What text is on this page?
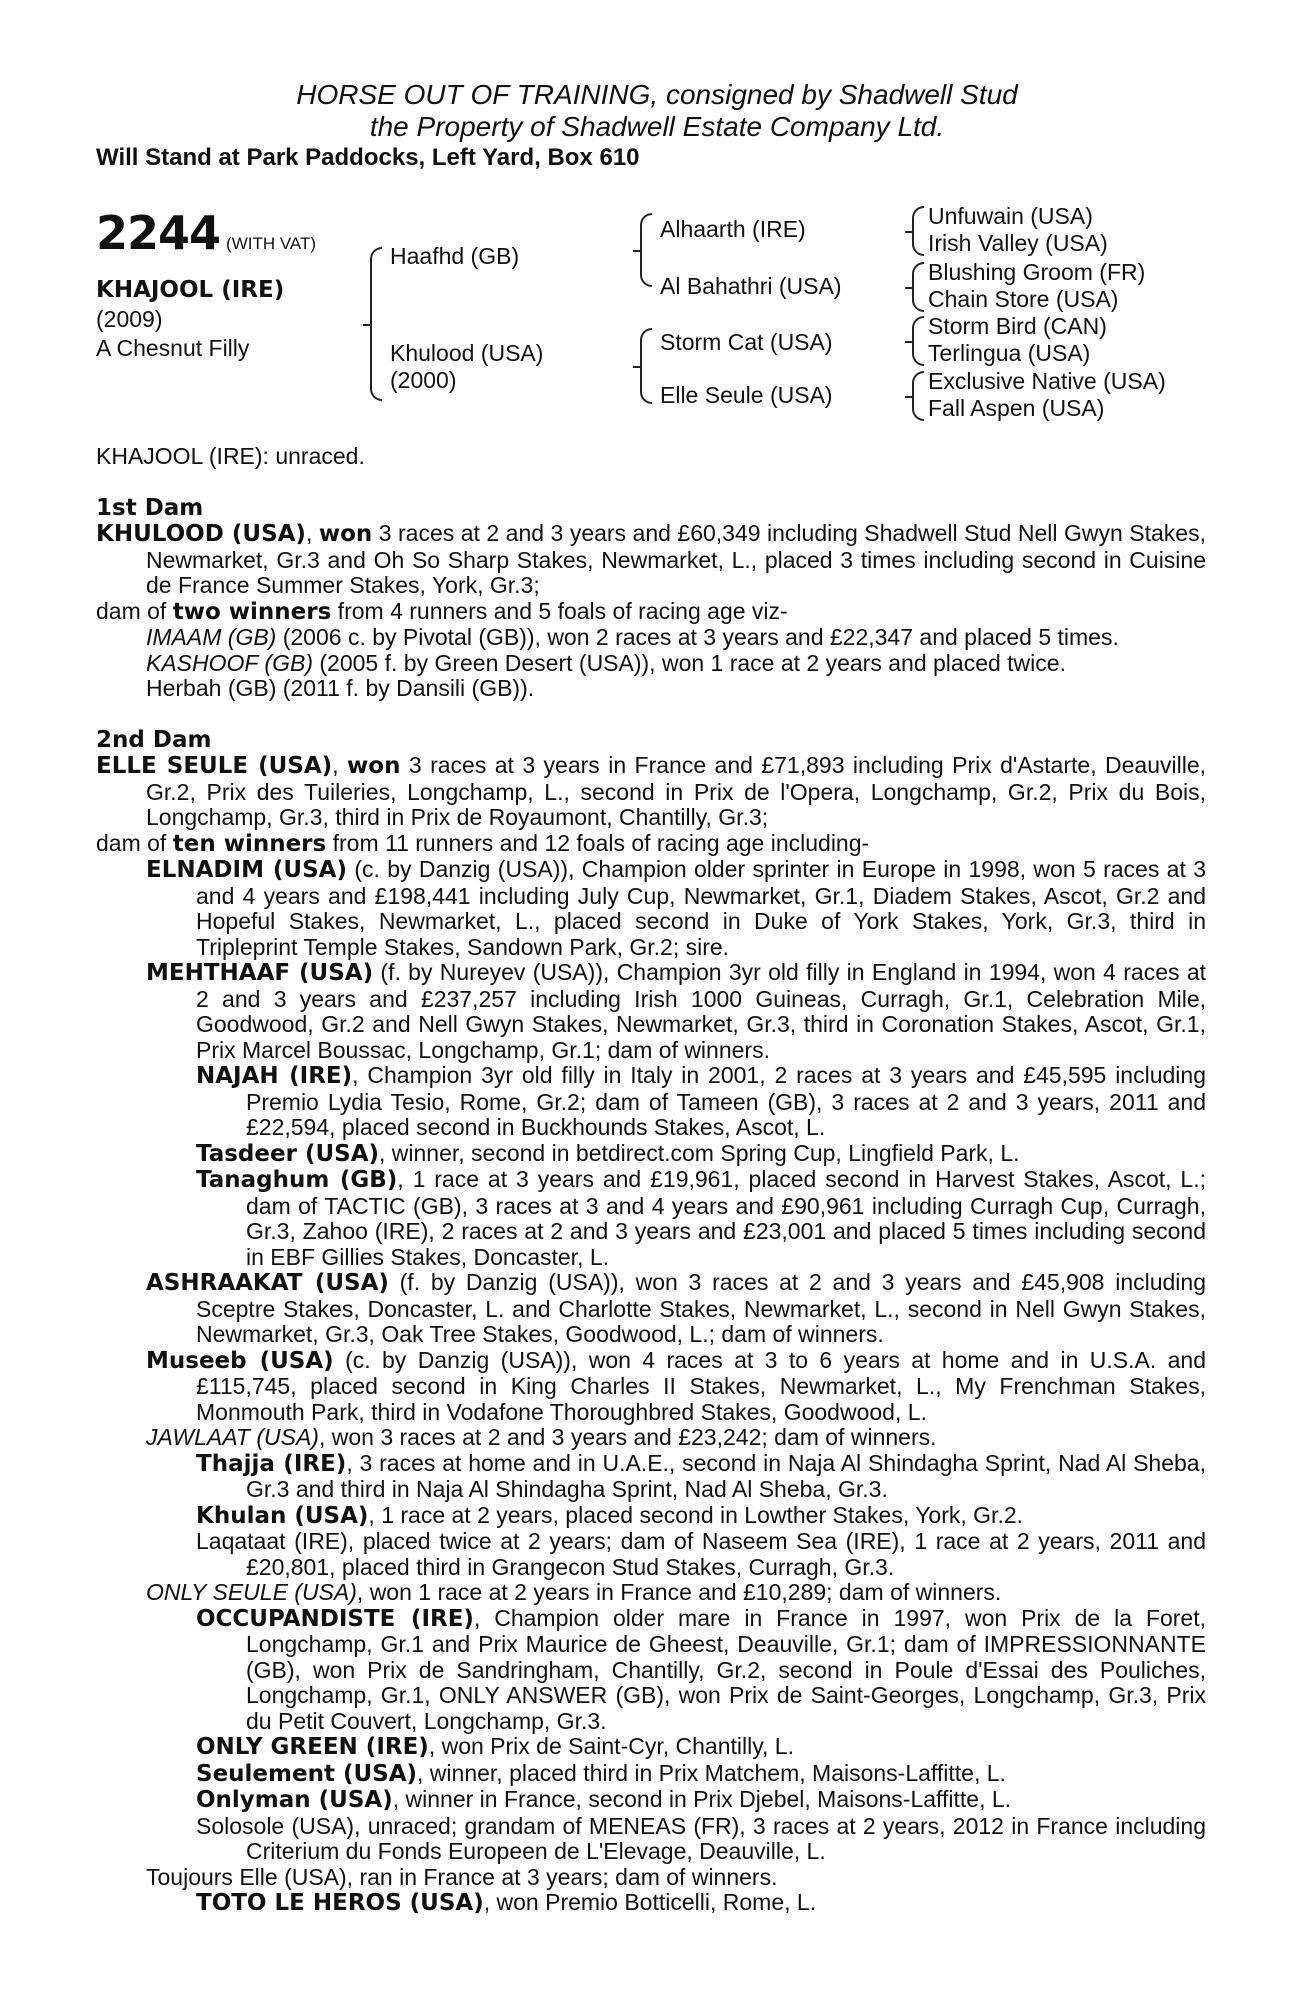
HORSE OUT OF TRAINING, consigned by Shadwell Stud
the Property of Shadwell Estate Company Ltd.
Will Stand at Park Paddocks, Left Yard, Box 610
2244 (WITH VAT)
KHAJOOL (IRE)
(2009)
A Chesnut Filly
Haafhd (GB)
Khulood (USA)
(2000)
Alhaarth (IRE)
Al Bahathri (USA)
Storm Cat (USA)
Elle Seule (USA)
Unfuwain (USA)
Irish Valley (USA)
Blushing Groom (FR)
Chain Store (USA)
Storm Bird (CAN)
Terlingua (USA)
Exclusive Native (USA)
Fall Aspen (USA)

KHAJOOL (IRE): unraced.

1st Dam

KHULOOD (USA), won 3 races at 2 and 3 years and £60,349 including Shadwell Stud Nell Gwyn Stakes, Newmarket, Gr.3 and Oh So Sharp Stakes, Newmarket, L., placed 3 times including second in Cuisine de France Summer Stakes, York, Gr.3;

dam of two winners from 4 runners and 5 foals of racing age viz-

IMAAM (GB) (2006 c. by Pivotal (GB)), won 2 races at 3 years and £22,347 and placed 5 times.

KASHOOF (GB) (2005 f. by Green Desert (USA)), won 1 race at 2 years and placed twice.

Herbah (GB) (2011 f. by Dansili (GB)).

2nd Dam

ELLE SEULE (USA), won 3 races at 3 years in France and £71,893 including Prix d'Astarte, Deauville, Gr.2, Prix des Tuileries, Longchamp, L., second in Prix de l'Opera, Longchamp, Gr.2, Prix du Bois, Longchamp, Gr.3, third in Prix de Royaumont, Chantilly, Gr.3;

dam of ten winners from 11 runners and 12 foals of racing age including-

ELNADIM (USA) (c. by Danzig (USA)), Champion older sprinter in Europe in 1998, won 5 races at 3 and 4 years and £198,441 including July Cup, Newmarket, Gr.1, Diadem Stakes, Ascot, Gr.2 and Hopeful Stakes, Newmarket, L., placed second in Duke of York Stakes, York, Gr.3, third in Tripleprint Temple Stakes, Sandown Park, Gr.2; sire.

MEHTHAAF (USA) (f. by Nureyev (USA)), Champion 3yr old filly in England in 1994, won 4 races at 2 and 3 years and £237,257 including Irish 1000 Guineas, Curragh, Gr.1, Celebration Mile, Goodwood, Gr.2 and Nell Gwyn Stakes, Newmarket, Gr.3, third in Coronation Stakes, Ascot, Gr.1, Prix Marcel Boussac, Longchamp, Gr.1; dam of winners.

NAJAH (IRE), Champion 3yr old filly in Italy in 2001, 2 races at 3 years and £45,595 including Premio Lydia Tesio, Rome, Gr.2; dam of Tameen (GB), 3 races at 2 and 3 years, 2011 and £22,594, placed second in Buckhounds Stakes, Ascot, L.

Tasdeer (USA), winner, second in betdirect.com Spring Cup, Lingfield Park, L.

Tanaghum (GB), 1 race at 3 years and £19,961, placed second in Harvest Stakes, Ascot, L.; dam of TACTIC (GB), 3 races at 3 and 4 years and £90,961 including Curragh Cup, Curragh, Gr.3, Zahoo (IRE), 2 races at 2 and 3 years and £23,001 and placed 5 times including second in EBF Gillies Stakes, Doncaster, L.

ASHRAAKAT (USA) (f. by Danzig (USA)), won 3 races at 2 and 3 years and £45,908 including Sceptre Stakes, Doncaster, L. and Charlotte Stakes, Newmarket, L., second in Nell Gwyn Stakes, Newmarket, Gr.3, Oak Tree Stakes, Goodwood, L.; dam of winners.

Museeb (USA) (c. by Danzig (USA)), won 4 races at 3 to 6 years at home and in U.S.A. and £115,745, placed second in King Charles II Stakes, Newmarket, L., My Frenchman Stakes, Monmouth Park, third in Vodafone Thoroughbred Stakes, Goodwood, L.

JAWLAAT (USA), won 3 races at 2 and 3 years and £23,242; dam of winners.

Thajja (IRE), 3 races at home and in U.A.E., second in Naja Al Shindagha Sprint, Nad Al Sheba, Gr.3 and third in Naja Al Shindagha Sprint, Nad Al Sheba, Gr.3.

Khulan (USA), 1 race at 2 years, placed second in Lowther Stakes, York, Gr.2.

Laqataat (IRE), placed twice at 2 years; dam of Naseem Sea (IRE), 1 race at 2 years, 2011 and £20,801, placed third in Grangecon Stud Stakes, Curragh, Gr.3.

ONLY SEULE (USA), won 1 race at 2 years in France and £10,289; dam of winners.

OCCUPANDISTE (IRE), Champion older mare in France in 1997, won Prix de la Foret, Longchamp, Gr.1 and Prix Maurice de Gheest, Deauville, Gr.1; dam of IMPRESSIONNANTE (GB), won Prix de Sandringham, Chantilly, Gr.2, second in Poule d'Essai des Pouliches, Longchamp, Gr.1, ONLY ANSWER (GB), won Prix de Saint-Georges, Longchamp, Gr.3, Prix du Petit Couvert, Longchamp, Gr.3.

ONLY GREEN (IRE), won Prix de Saint-Cyr, Chantilly, L.

Seulement (USA), winner, placed third in Prix Matchem, Maisons-Laffitte, L.

Onlyman (USA), winner in France, second in Prix Djebel, Maisons-Laffitte, L.

Solosole (USA), unraced; grandam of MENEAS (FR), 3 races at 2 years, 2012 in France including Criterium du Fonds Europeen de L'Elevage, Deauville, L.

Toujours Elle (USA), ran in France at 3 years; dam of winners.

TOTO LE HEROS (USA), won Premio Botticelli, Rome, L.
